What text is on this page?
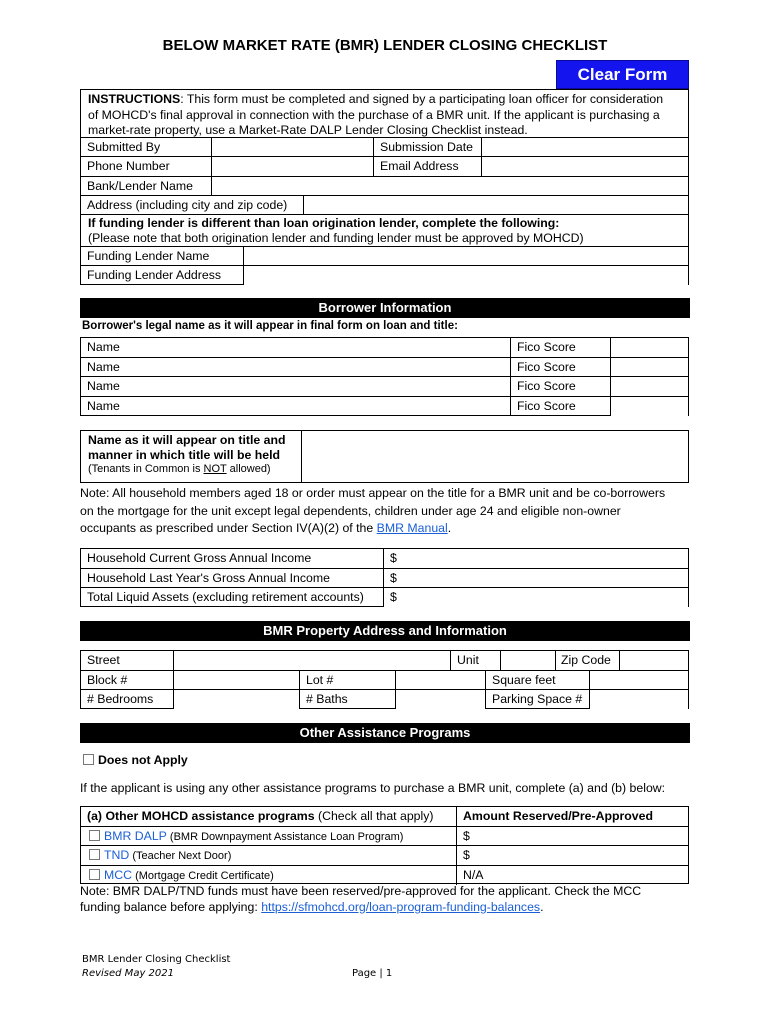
BELOW MARKET RATE (BMR) LENDER CLOSING CHECKLIST
Clear Form
INSTRUCTIONS: This form must be completed and signed by a participating loan officer for consideration
of MOHCD's final approval in connection with the purchase of a BMR unit. If the applicant is purchasing a
market-rate property, use a Market-Rate DALP Lender Closing Checklist instead.
Submitted By	Submission Date
Phone Number	Email Address
Bank/Lender Name
Address (including city and zip code)
If funding lender is different than loan origination lender, complete the following:
(Please note that both origination lender and funding lender must be approved by MOHCD)
Funding Lender Name
Funding Lender Address
Borrower Information
Borrower's legal name as it will appear in final form on loan and title:
Name	Fico Score
Name	Fico Score
Name	Fico Score
Name	Fico Score
Name as it will appear on title and
manner in which title will be held
(Tenants in Common is NOT allowed)
Note: All household members aged 18 or order must appear on the title for a BMR unit and be co-borrowers
on the mortgage for the unit except legal dependents, children under age 24 and eligible non-owner
occupants as prescribed under Section IV(A)(2) of the BMR Manual.
Household Current Gross Annual Income	$
Household Last Year's Gross Annual Income	$
Total Liquid Assets (excluding retirement accounts)	$
BMR Property Address and Information
Street	Unit	Zip Code
Block #	Lot #	Square feet
# Bedrooms	# Baths	Parking Space #
Other Assistance Programs
Does not Apply
If the applicant is using any other assistance programs to purchase a BMR unit, complete (a) and (b) below:
(a) Other MOHCD assistance programs (Check all that apply)	Amount Reserved/Pre-Approved
BMR DALP (BMR Downpayment Assistance Loan Program)	$
TND (Teacher Next Door)	$
MCC (Mortgage Credit Certificate)	N/A
Note: BMR DALP/TND funds must have been reserved/pre-approved for the applicant. Check the MCC
funding balance before applying: https://sfmohcd.org/loan-program-funding-balances.
BMR Lender Closing Checklist
Revised May 2021	Page | 1
